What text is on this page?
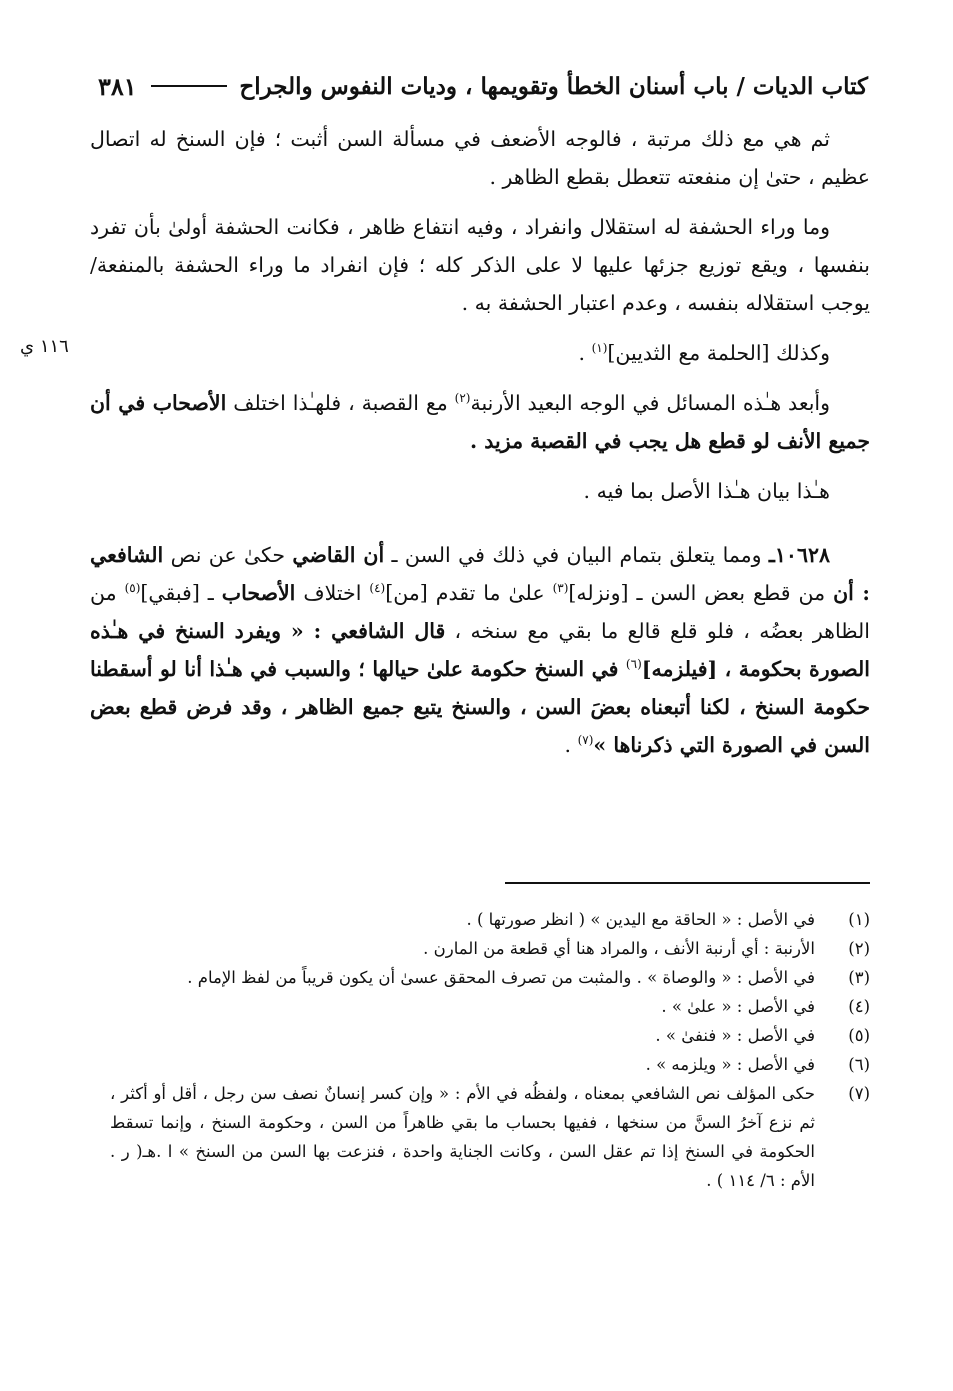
كتاب الديات / باب أسنان الخطأ وتقويمها ، وديات النفوس والجراح
٣٨١
١١٦ ي

ثم هي مع ذلك مرتبة ، فالوجه الأضعف في مسألة السن أثبت ؛ فإن السنخ له اتصال عظيم ، حتىٰ إن منفعته تتعطل بقطع الظاهر .

وما وراء الحشفة له استقلال وانفراد ، وفيه انتفاع ظاهر ، فكانت الحشفة أولىٰ بأن تفرد بنفسها ، ويقع توزيع جزئها عليها لا على الذكر كله ؛ فإن انفراد ما وراء الحشفة بالمنفعة/ يوجب استقلاله بنفسه ، وعدم اعتبار الحشفة به .

وكذلك [الحلمة مع الثديين]$^{(١)}$ .

وأبعد هـٰذه المسائل في الوجه البعيد الأرنبة$^{(٢)}$ مع القصبة ، فلهـٰذا اختلف الأصحاب في أن جميع الأنف لو قطع هل يجب في القصبة مزيد .

هـٰذا بيان هـٰذا الأصل بما فيه .

١٠٦٢٨ـ ومما يتعلق بتمام البيان في ذلك في السن ـ أن القاضي حكىٰ عن نص الشافعي : أن من قطع بعض السن ـ [ونزله]$^{(٣)}$ علىٰ ما تقدم [من]$^{(٤)}$ اختلاف الأصحاب ـ [فبقي]$^{(٥)}$ من الظاهر بعضُه ، فلو قلع قالع ما بقي مع سنخه ، قال الشافعي : « ويفرد السنخ في هـٰذه الصورة بحكومة ، [فيلزمه]$^{(٦)}$ في السنخ حكومة علىٰ حيالها ؛ والسبب في هـٰذا أنا لو أسقطنا حكومة السنخ ، لكنا أتبعناه بعضَ السن ، والسنخ يتبع جميع الظاهر ، وقد فرض قطع بعض السن في الصورة التي ذكرناها »$^{(٧)}$ .

(١)
في الأصل : « الحاقة مع اليدين » ( انظر صورتها ) .
(٢)
الأرنبة : أي أرنبة الأنف ، والمراد هنا أي قطعة من المارن .
(٣)
في الأصل : « والوصاة » . والمثبت من تصرف المحقق عسىٰ أن يكون قريباً من لفظ الإمام .
(٤)
في الأصل : « علىٰ » .
(٥)
في الأصل : « فنفىٰ » .
(٦)
في الأصل : « ويلزمه » .
(٧)
حكى المؤلف نص الشافعي بمعناه ، ولفظُه في الأم : « وإن كسر إنسانٌ نصف سن رجل ، أقل أو أكثر ، ثم نزع آخرُ السنَّ من سنخها ، ففيها بحساب ما بقي ظاهراً من السن ، وحكومة السنخ ، وإنما تسقط الحكومة في السنخ إذا تم عقل السن ، وكانت الجناية واحدة ، فنزعت بها السن من السنخ » ا .هـ( ر . الأم : ٦/ ١١٤ ) .
